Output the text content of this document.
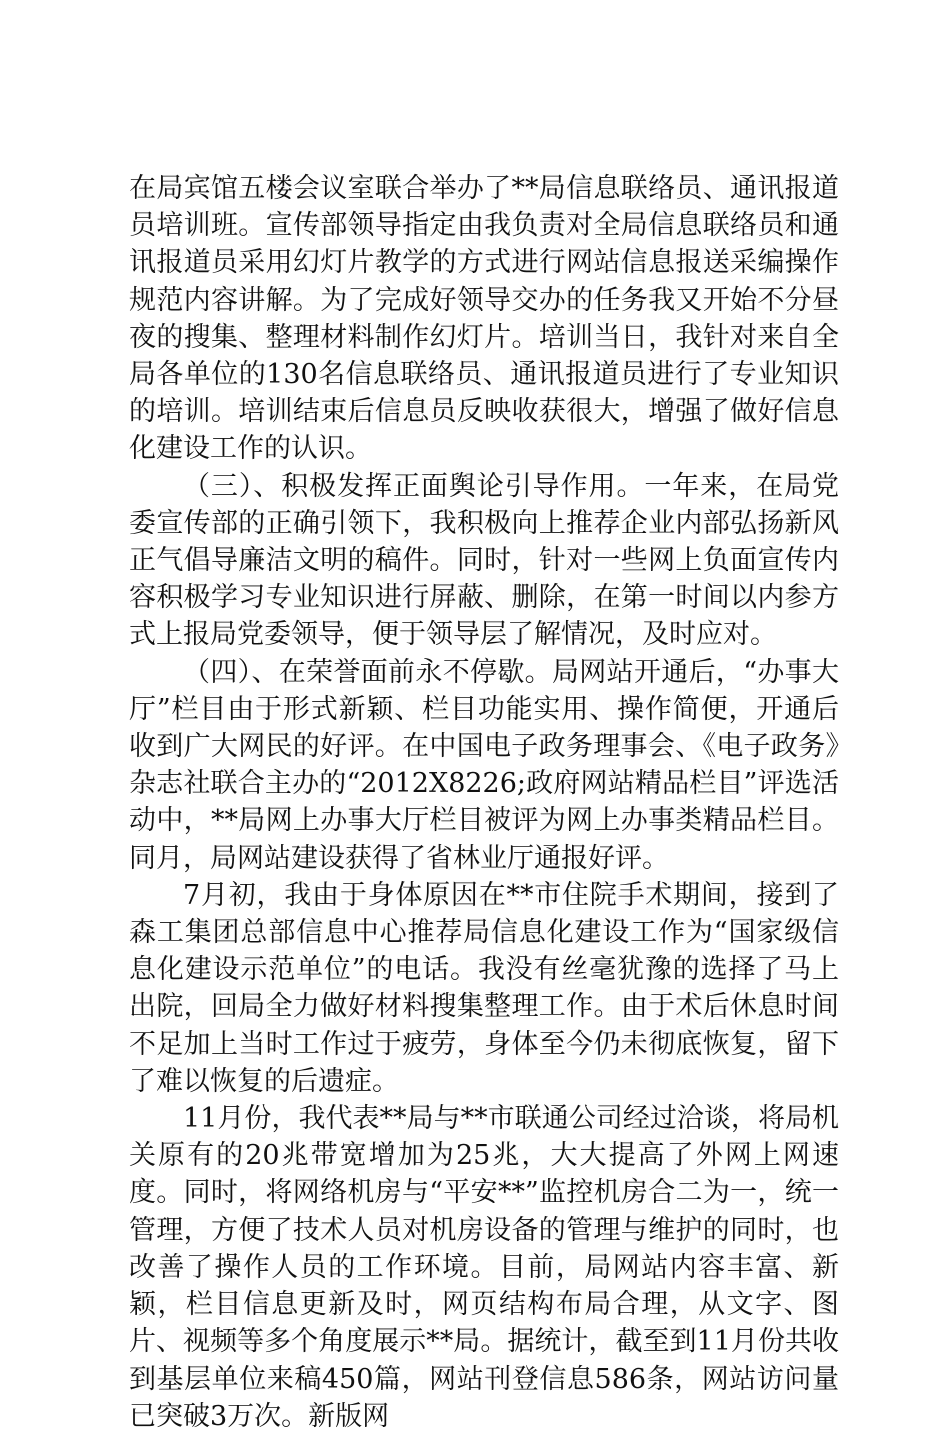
在局宾馆五楼会议室联合举办了**局信息联络员、通讯报道员培训班。宣传部领导指定由我负责对全局信息联络员和通讯报道员采用幻灯片教学的方式进行网站信息报送采编操作规范内容讲解。为了完成好领导交办的任务我又开始不分昼夜的搜集、整理材料制作幻灯片。培训当日，我针对来自全局各单位的130名信息联络员、通讯报道员进行了专业知识的培训。培训结束后信息员反映收获很大，增强了做好信息化建设工作的认识。

（三）、积极发挥正面舆论引导作用。一年来，在局党委宣传部的正确引领下，我积极向上推荐企业内部弘扬新风正气倡导廉洁文明的稿件。同时，针对一些网上负面宣传内容积极学习专业知识进行屏蔽、删除，在第一时间以内参方式上报局党委领导，便于领导层了解情况，及时应对。

（四）、在荣誉面前永不停歇。局网站开通后，“办事大厅”栏目由于形式新颖、栏目功能实用、操作简便，开通后收到广大网民的好评。在中国电子政务理事会、《电子政务》杂志社联合主办的“2012X8226;政府网站精品栏目”评选活动中，**局网上办事大厅栏目被评为网上办事类精品栏目。同月，局网站建设获得了省林业厅通报好评。

7月初，我由于身体原因在**市住院手术期间，接到了森工集团总部信息中心推荐局信息化建设工作为“国家级信息化建设示范单位”的电话。我没有丝毫犹豫的选择了马上出院，回局全力做好材料搜集整理工作。由于术后休息时间不足加上当时工作过于疲劳，身体至今仍未彻底恢复，留下了难以恢复的后遗症。

11月份，我代表**局与**市联通公司经过洽谈，将局机关原有的20兆带宽增加为25兆，大大提高了外网上网速度。同时，将网络机房与“平安**”监控机房合二为一，统一管理，方便了技术人员对机房设备的管理与维护的同时，也改善了操作人员的工作环境。目前，局网站内容丰富、新颖，栏目信息更新及时，网页结构布局合理，从文字、图片、视频等多个角度展示**局。据统计，截至到11月份共收到基层单位来稿450篇，网站刊登信息586条，网站访问量已突破3万次。新版网
